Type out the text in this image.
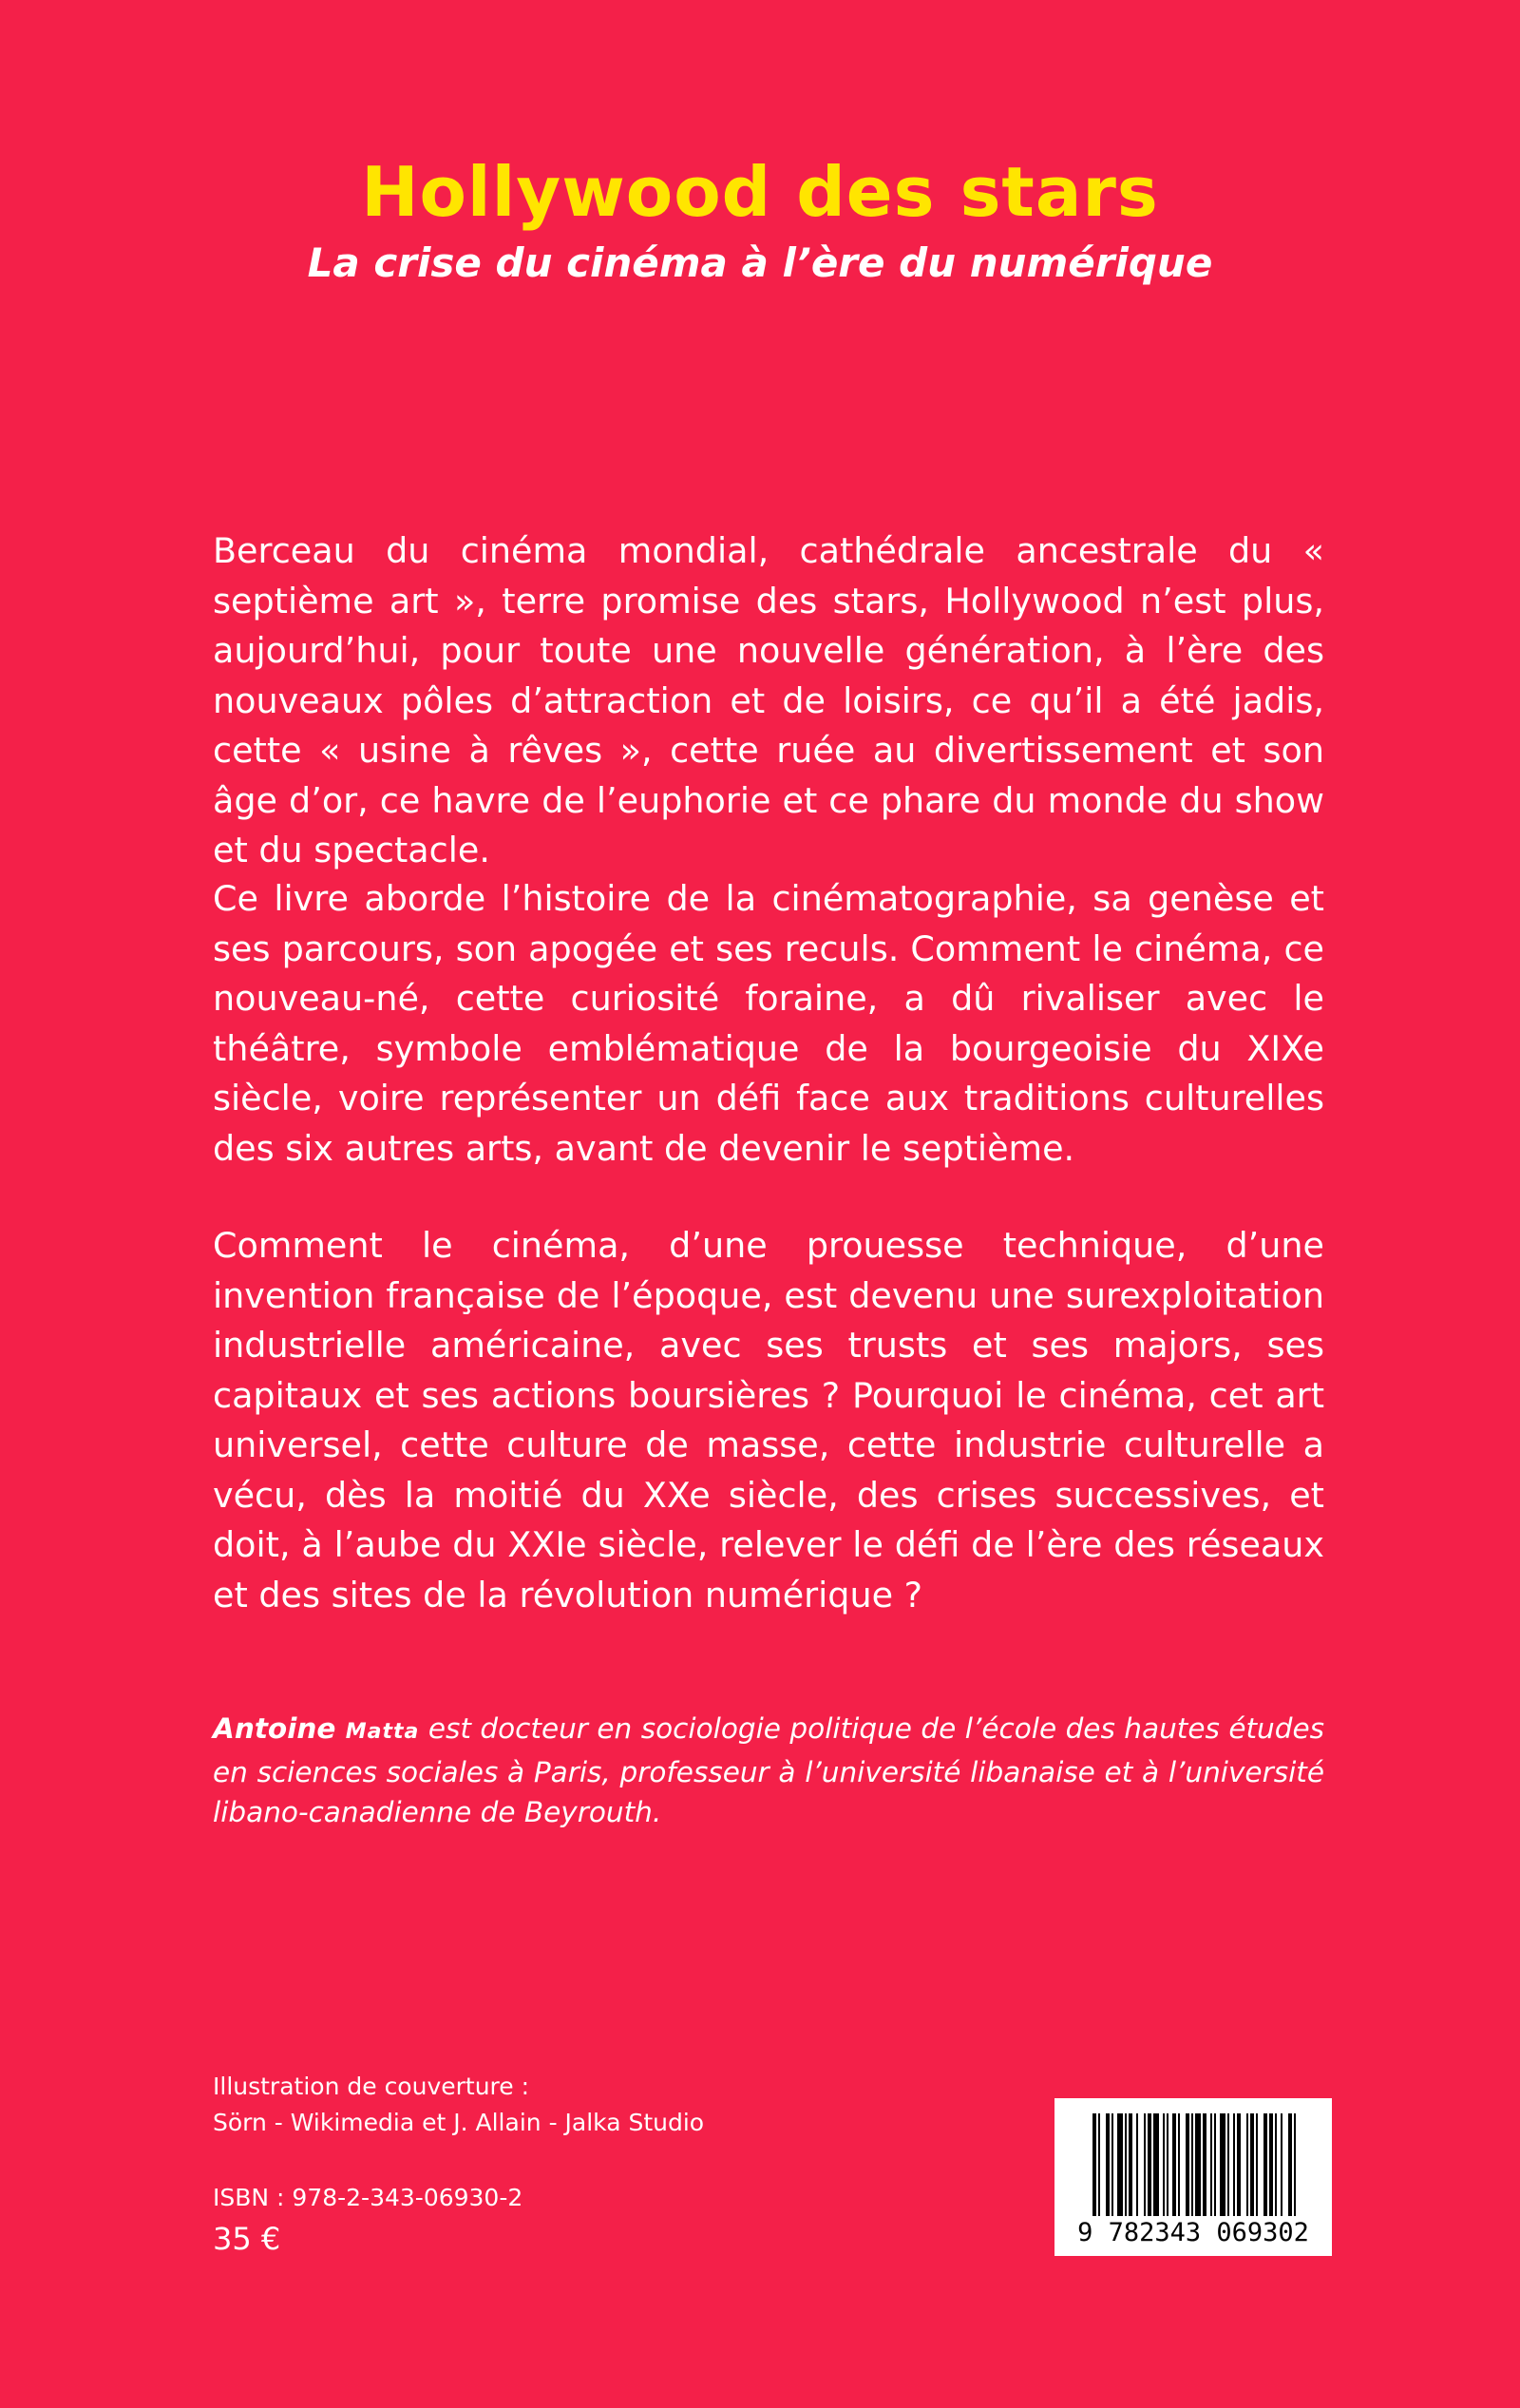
Hollywood des stars
La crise du cinéma à l’ère du numérique

Berceau du cinéma mondial, cathédrale ancestrale du « septième art », terre promise des stars, Hollywood n’est plus, aujourd’hui, pour toute une nouvelle génération, à l’ère des nouveaux pôles d’attraction et de loisirs, ce qu’il a été jadis, cette « usine à rêves », cette ruée au divertissement et son âge d’or, ce havre de l’euphorie et ce phare du monde du show et du spectacle.

Ce livre aborde l’histoire de la cinématographie, sa genèse et ses parcours, son apogée et ses reculs. Comment le cinéma, ce nouveau-né, cette curiosité foraine, a dû rivaliser avec le théâtre, symbole emblématique de la bourgeoisie du XIXe siècle, voire représenter un défi face aux traditions culturelles des six autres arts, avant de devenir le septième.

Comment le cinéma, d’une prouesse technique, d’une invention française de l’époque, est devenu une surexploitation industrielle américaine, avec ses trusts et ses majors, ses capitaux et ses actions boursières ? Pourquoi le cinéma, cet art universel, cette culture de masse, cette industrie culturelle a vécu, dès la moitié du XXe siècle, des crises successives, et doit, à l’aube du XXIe siècle, relever le défi de l’ère des réseaux et des sites de la révolution numérique ?

Antoine Matta est docteur en sociologie politique de l’école des hautes études en sciences sociales à Paris, professeur à l’université libanaise et à l’université libano-canadienne de Beyrouth.

Illustration de couverture :
Sörn - Wikimedia et J. Allain - Jalka Studio
ISBN : 978-2-343-06930-2
35 €	9 782343 069302
